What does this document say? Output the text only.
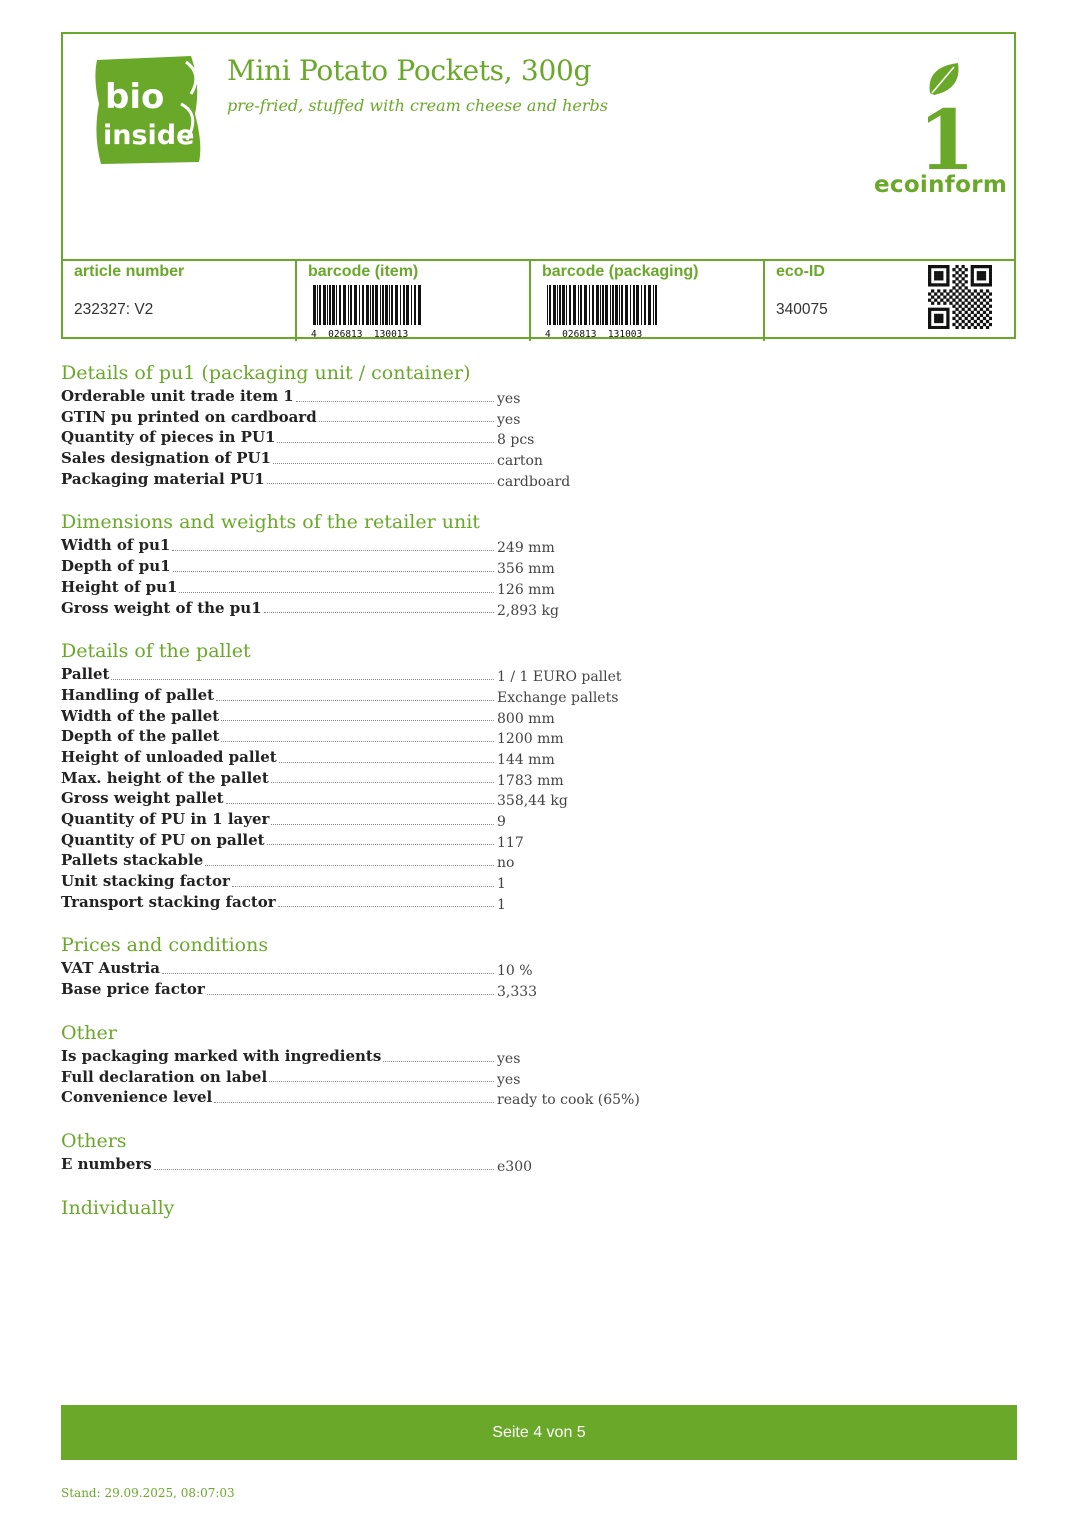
bio
inside
Mini Potato Pockets, 300g
pre-fried, stuffed with cream cheese and herbs	1
ecoinform
article number
232327: V2
barcode (item)
4  026813  130013
barcode (packaging)
4  026813  131003
eco-ID
340075
Details of pu1 (packaging unit / container)
Orderable unit trade item 1	yes
GTIN pu printed on cardboard	yes
Quantity of pieces in PU1	8 pcs
Sales designation of PU1	carton
Packaging material PU1	cardboard
Dimensions and weights of the retailer unit
Width of pu1	249 mm
Depth of pu1	356 mm
Height of pu1	126 mm
Gross weight of the pu1	2,893 kg
Details of the pallet
Pallet	1 / 1 EURO pallet
Handling of pallet	Exchange pallets
Width of the pallet	800 mm
Depth of the pallet	1200 mm
Height of unloaded pallet	144 mm
Max. height of the pallet	1783 mm
Gross weight pallet	358,44 kg
Quantity of PU in 1 layer	9
Quantity of PU on pallet	117
Pallets stackable	no
Unit stacking factor	1
Transport stacking factor	1
Prices and conditions
VAT Austria	10 %
Base price factor	3,333
Other
Is packaging marked with ingredients	yes
Full declaration on label	yes
Convenience level	ready to cook (65%)
Others
E numbers	e300
Individually
Seite 4 von 5
Stand: 29.09.2025, 08:07:03
